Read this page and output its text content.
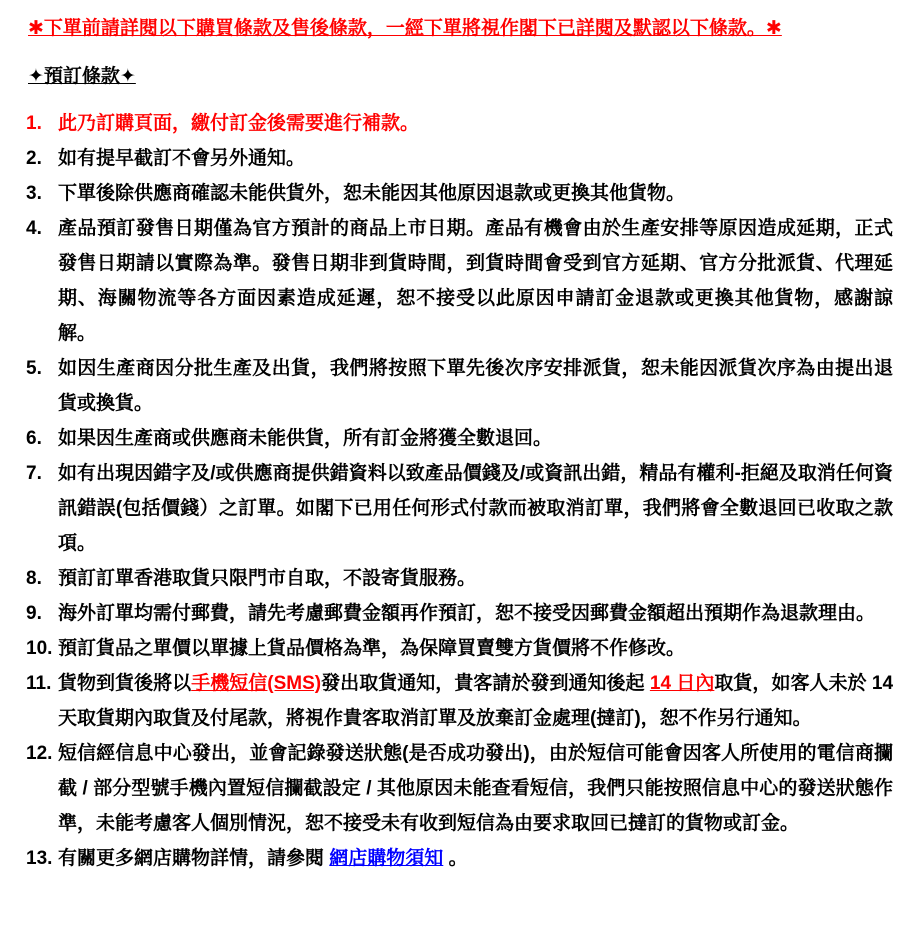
✱下單前請詳閱以下購買條款及售後條款，一經下單將視作閣下已詳閱及默認以下條款。✱
✦預訂條款✦
1. 此乃訂購頁面，繳付訂金後需要進行補款。
2. 如有提早截訂不會另外通知。
3. 下單後除供應商確認未能供貨外，恕未能因其他原因退款或更換其他貨物。
4. 產品預訂發售日期僅為官方預計的商品上市日期。產品有機會由於生產安排等原因造成延期，正式發售日期請以實際為準。發售日期非到貨時間，到貨時間會受到官方延期、官方分批派貨、代理延期、海關物流等各方面因素造成延遲，恕不接受以此原因申請訂金退款或更換其他貨物，感謝諒解。
5. 如因生產商因分批生產及出貨，我們將按照下單先後次序安排派貨，恕未能因派貨次序為由提出退貨或換貨。
6. 如果因生產商或供應商未能供貨，所有訂金將獲全數退回。
7. 如有出現因錯字及/或供應商提供錯資料以致產品價錢及/或資訊出錯，精品有權利-拒絕及取消任何資訊錯誤(包括價錢）之訂單。如閣下已用任何形式付款而被取消訂單，我們將會全數退回已收取之款項。
8. 預訂訂單香港取貨只限門市自取，不設寄貨服務。
9. 海外訂單均需付郵費，請先考慮郵費金額再作預訂，恕不接受因郵費金額超出預期作為退款理由。
10. 預訂貨品之單價以單據上貨品價格為準，為保障買賣雙方貨價將不作修改。
11. 貨物到貨後將以手機短信(SMS)發出取貨通知，貴客請於發到通知後起 14 日內取貨，如客人未於 14 天取貨期內取貨及付尾款，將視作貴客取消訂單及放棄訂金處理(撻訂)，恕不作另行通知。
12. 短信經信息中心發出，並會記錄發送狀態(是否成功發出)，由於短信可能會因客人所使用的電信商攔截 / 部分型號手機內置短信攔截設定 / 其他原因未能查看短信，我們只能按照信息中心的發送狀態作準，未能考慮客人個別情況，恕不接受未有收到短信為由要求取回已撻訂的貨物或訂金。
13. 有關更多網店購物詳情，請參閱 網店購物須知 。
